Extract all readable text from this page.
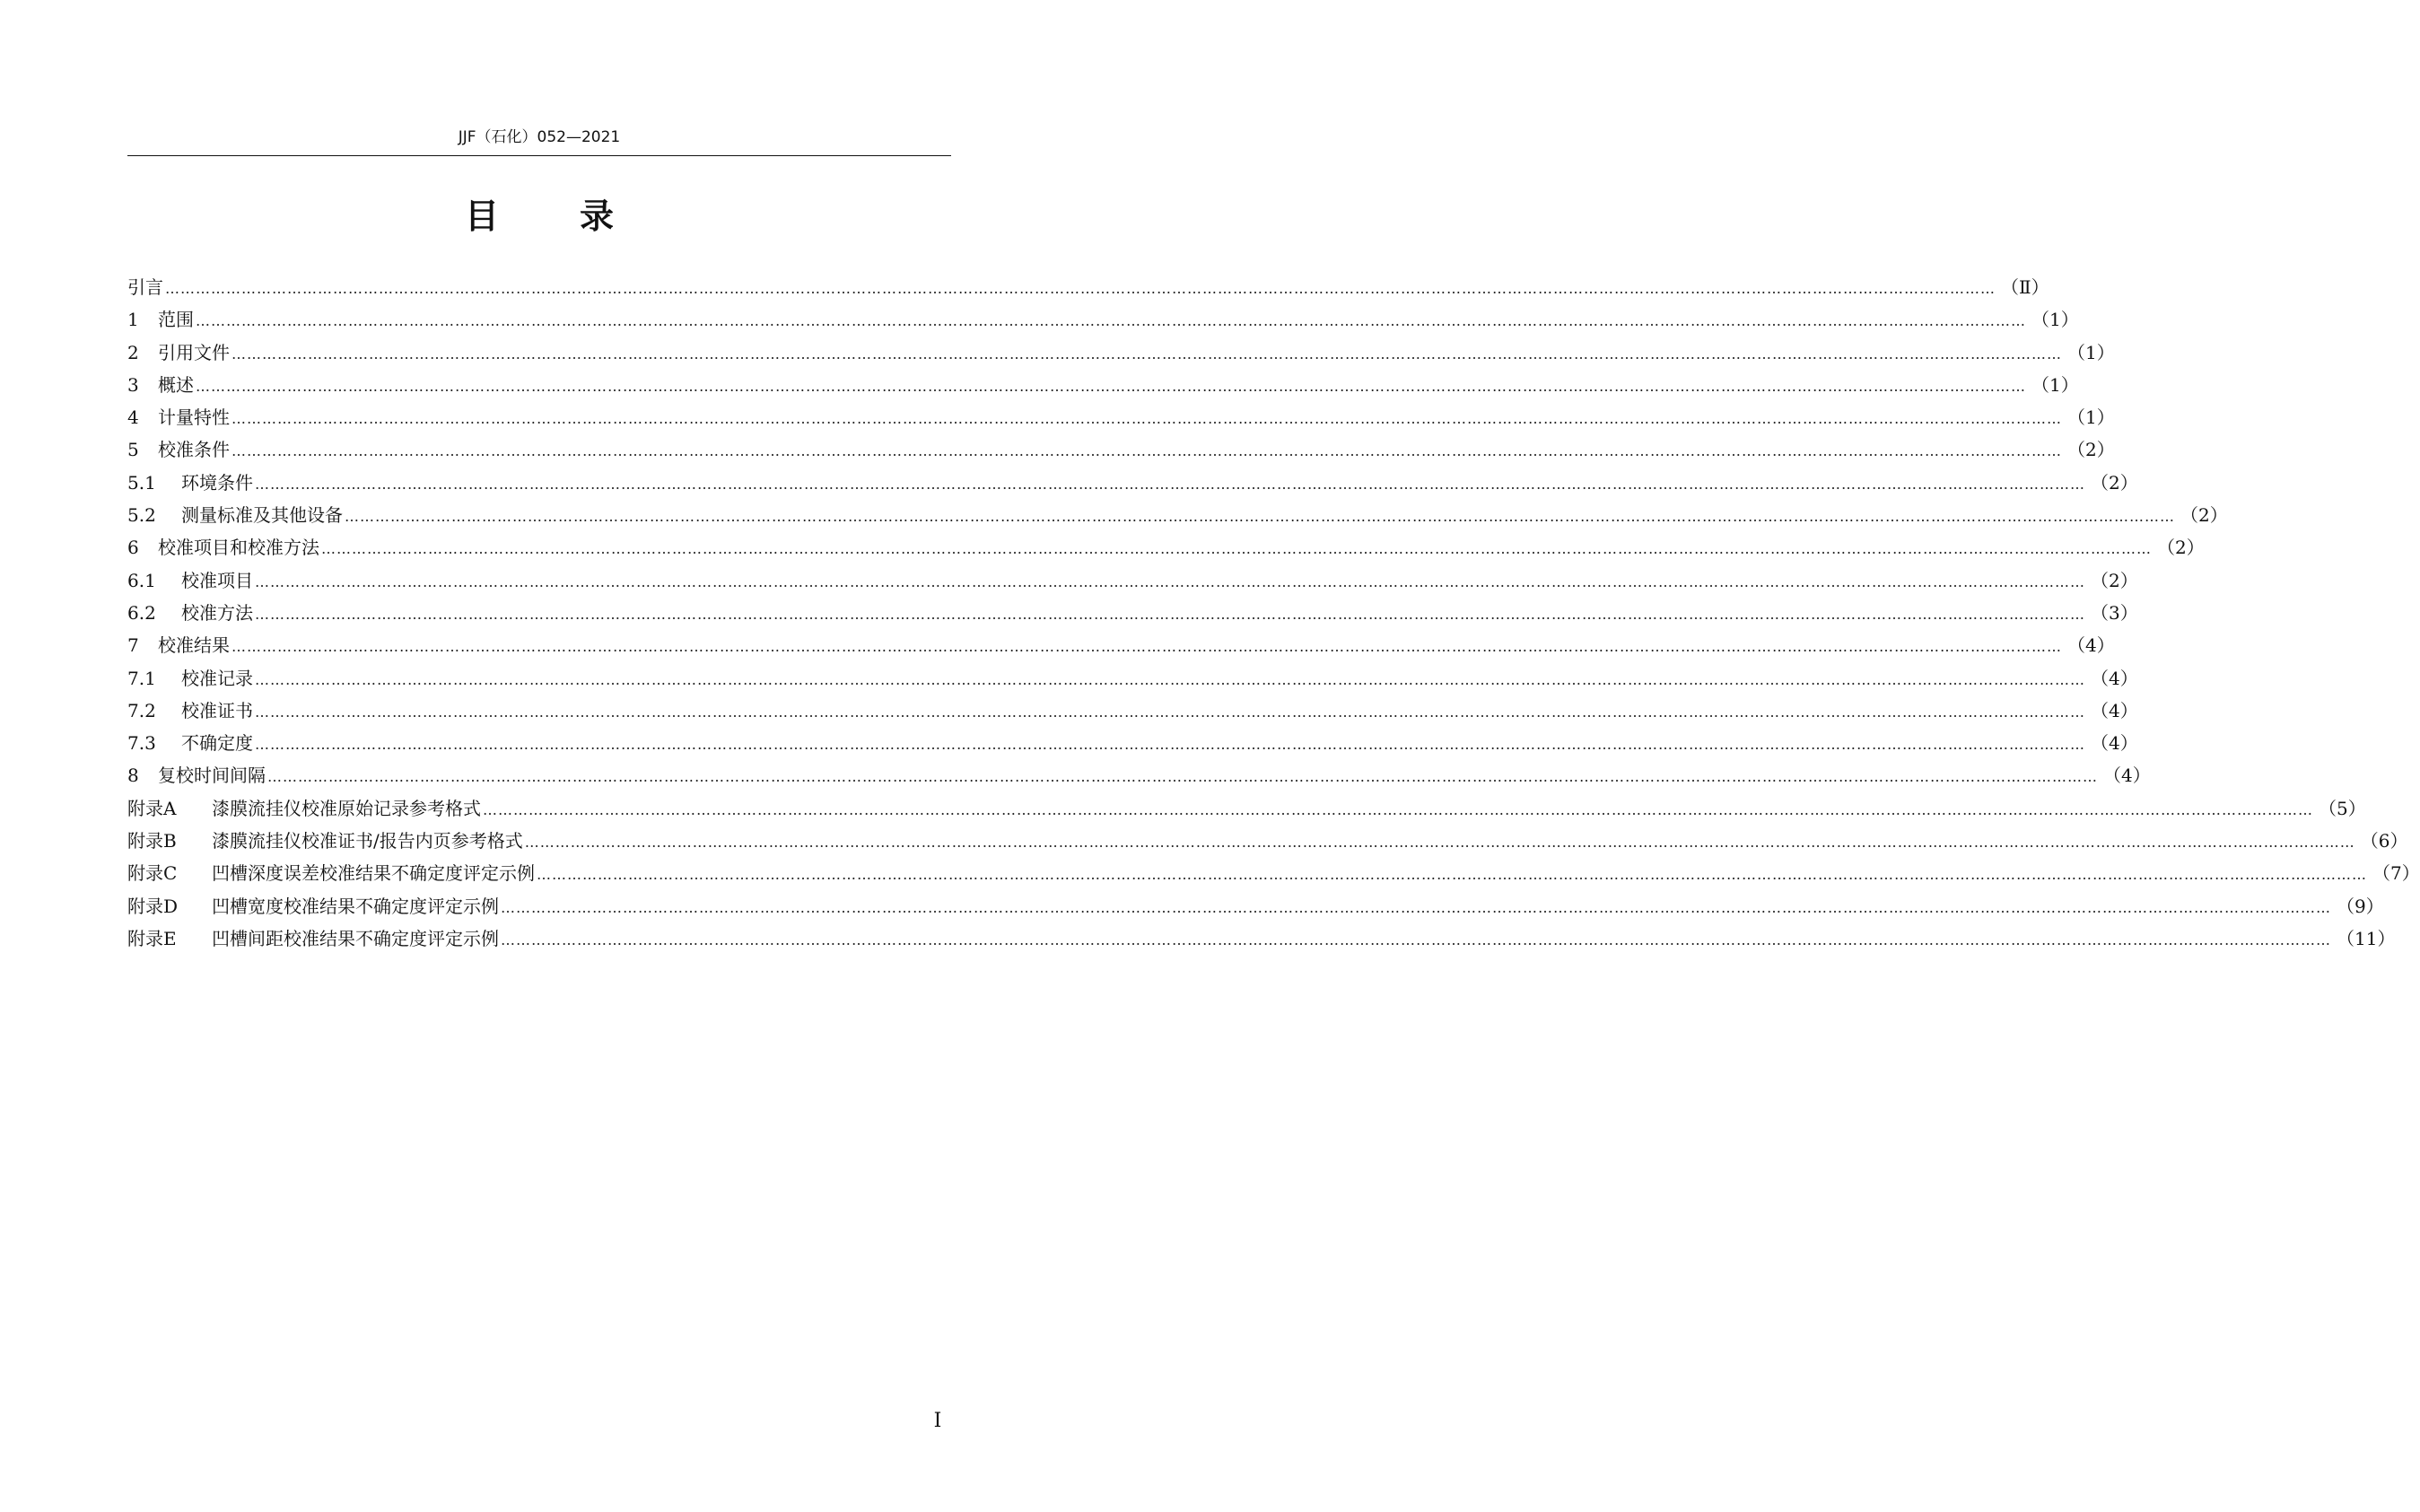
JJF（石化）052—2021
目录
引言 ……………………………………………………………………………………………………………………………………………………………………………………………………………………………………………………………………………………………………………………………… （Ⅱ）
1	范围 ……………………………………………………………………………………………………………………………………………………………………………………………………………………………………………………………………………………………………………………………… （1）
2	引用文件 ……………………………………………………………………………………………………………………………………………………………………………………………………………………………………………………………………………………………………………………………… （1）
3	概述 ……………………………………………………………………………………………………………………………………………………………………………………………………………………………………………………………………………………………………………………………… （1）
4	计量特性 ……………………………………………………………………………………………………………………………………………………………………………………………………………………………………………………………………………………………………………………………… （1）
5	校准条件 ……………………………………………………………………………………………………………………………………………………………………………………………………………………………………………………………………………………………………………………………… （2）
5.1	环境条件 ……………………………………………………………………………………………………………………………………………………………………………………………………………………………………………………………………………………………………………………………… （2）
5.2	测量标准及其他设备 ……………………………………………………………………………………………………………………………………………………………………………………………………………………………………………………………………………………………………………………………… （2）
6	校准项目和校准方法 ……………………………………………………………………………………………………………………………………………………………………………………………………………………………………………………………………………………………………………………………… （2）
6.1	校准项目 ……………………………………………………………………………………………………………………………………………………………………………………………………………………………………………………………………………………………………………………………… （2）
6.2	校准方法 ……………………………………………………………………………………………………………………………………………………………………………………………………………………………………………………………………………………………………………………………… （3）
7	校准结果 ……………………………………………………………………………………………………………………………………………………………………………………………………………………………………………………………………………………………………………………………… （4）
7.1	校准记录 ……………………………………………………………………………………………………………………………………………………………………………………………………………………………………………………………………………………………………………………………… （4）
7.2	校准证书 ……………………………………………………………………………………………………………………………………………………………………………………………………………………………………………………………………………………………………………………………… （4）
7.3	不确定度 ……………………………………………………………………………………………………………………………………………………………………………………………………………………………………………………………………………………………………………………………… （4）
8	复校时间间隔 ……………………………………………………………………………………………………………………………………………………………………………………………………………………………………………………………………………………………………………………………… （4）
附录A	漆膜流挂仪校准原始记录参考格式 ……………………………………………………………………………………………………………………………………………………………………………………………………………………………………………………………………………………………………………………………… （5）
附录B	漆膜流挂仪校准证书/报告内页参考格式 ……………………………………………………………………………………………………………………………………………………………………………………………………………………………………………………………………………………………………………………………… （6）
附录C	凹槽深度误差校准结果不确定度评定示例 ……………………………………………………………………………………………………………………………………………………………………………………………………………………………………………………………………………………………………………………………… （7）
附录D	凹槽宽度校准结果不确定度评定示例 ……………………………………………………………………………………………………………………………………………………………………………………………………………………………………………………………………………………………………………………………… （9）
附录E	凹槽间距校准结果不确定度评定示例 ……………………………………………………………………………………………………………………………………………………………………………………………………………………………………………………………………………………………………………………………… （11）
Ⅰ
